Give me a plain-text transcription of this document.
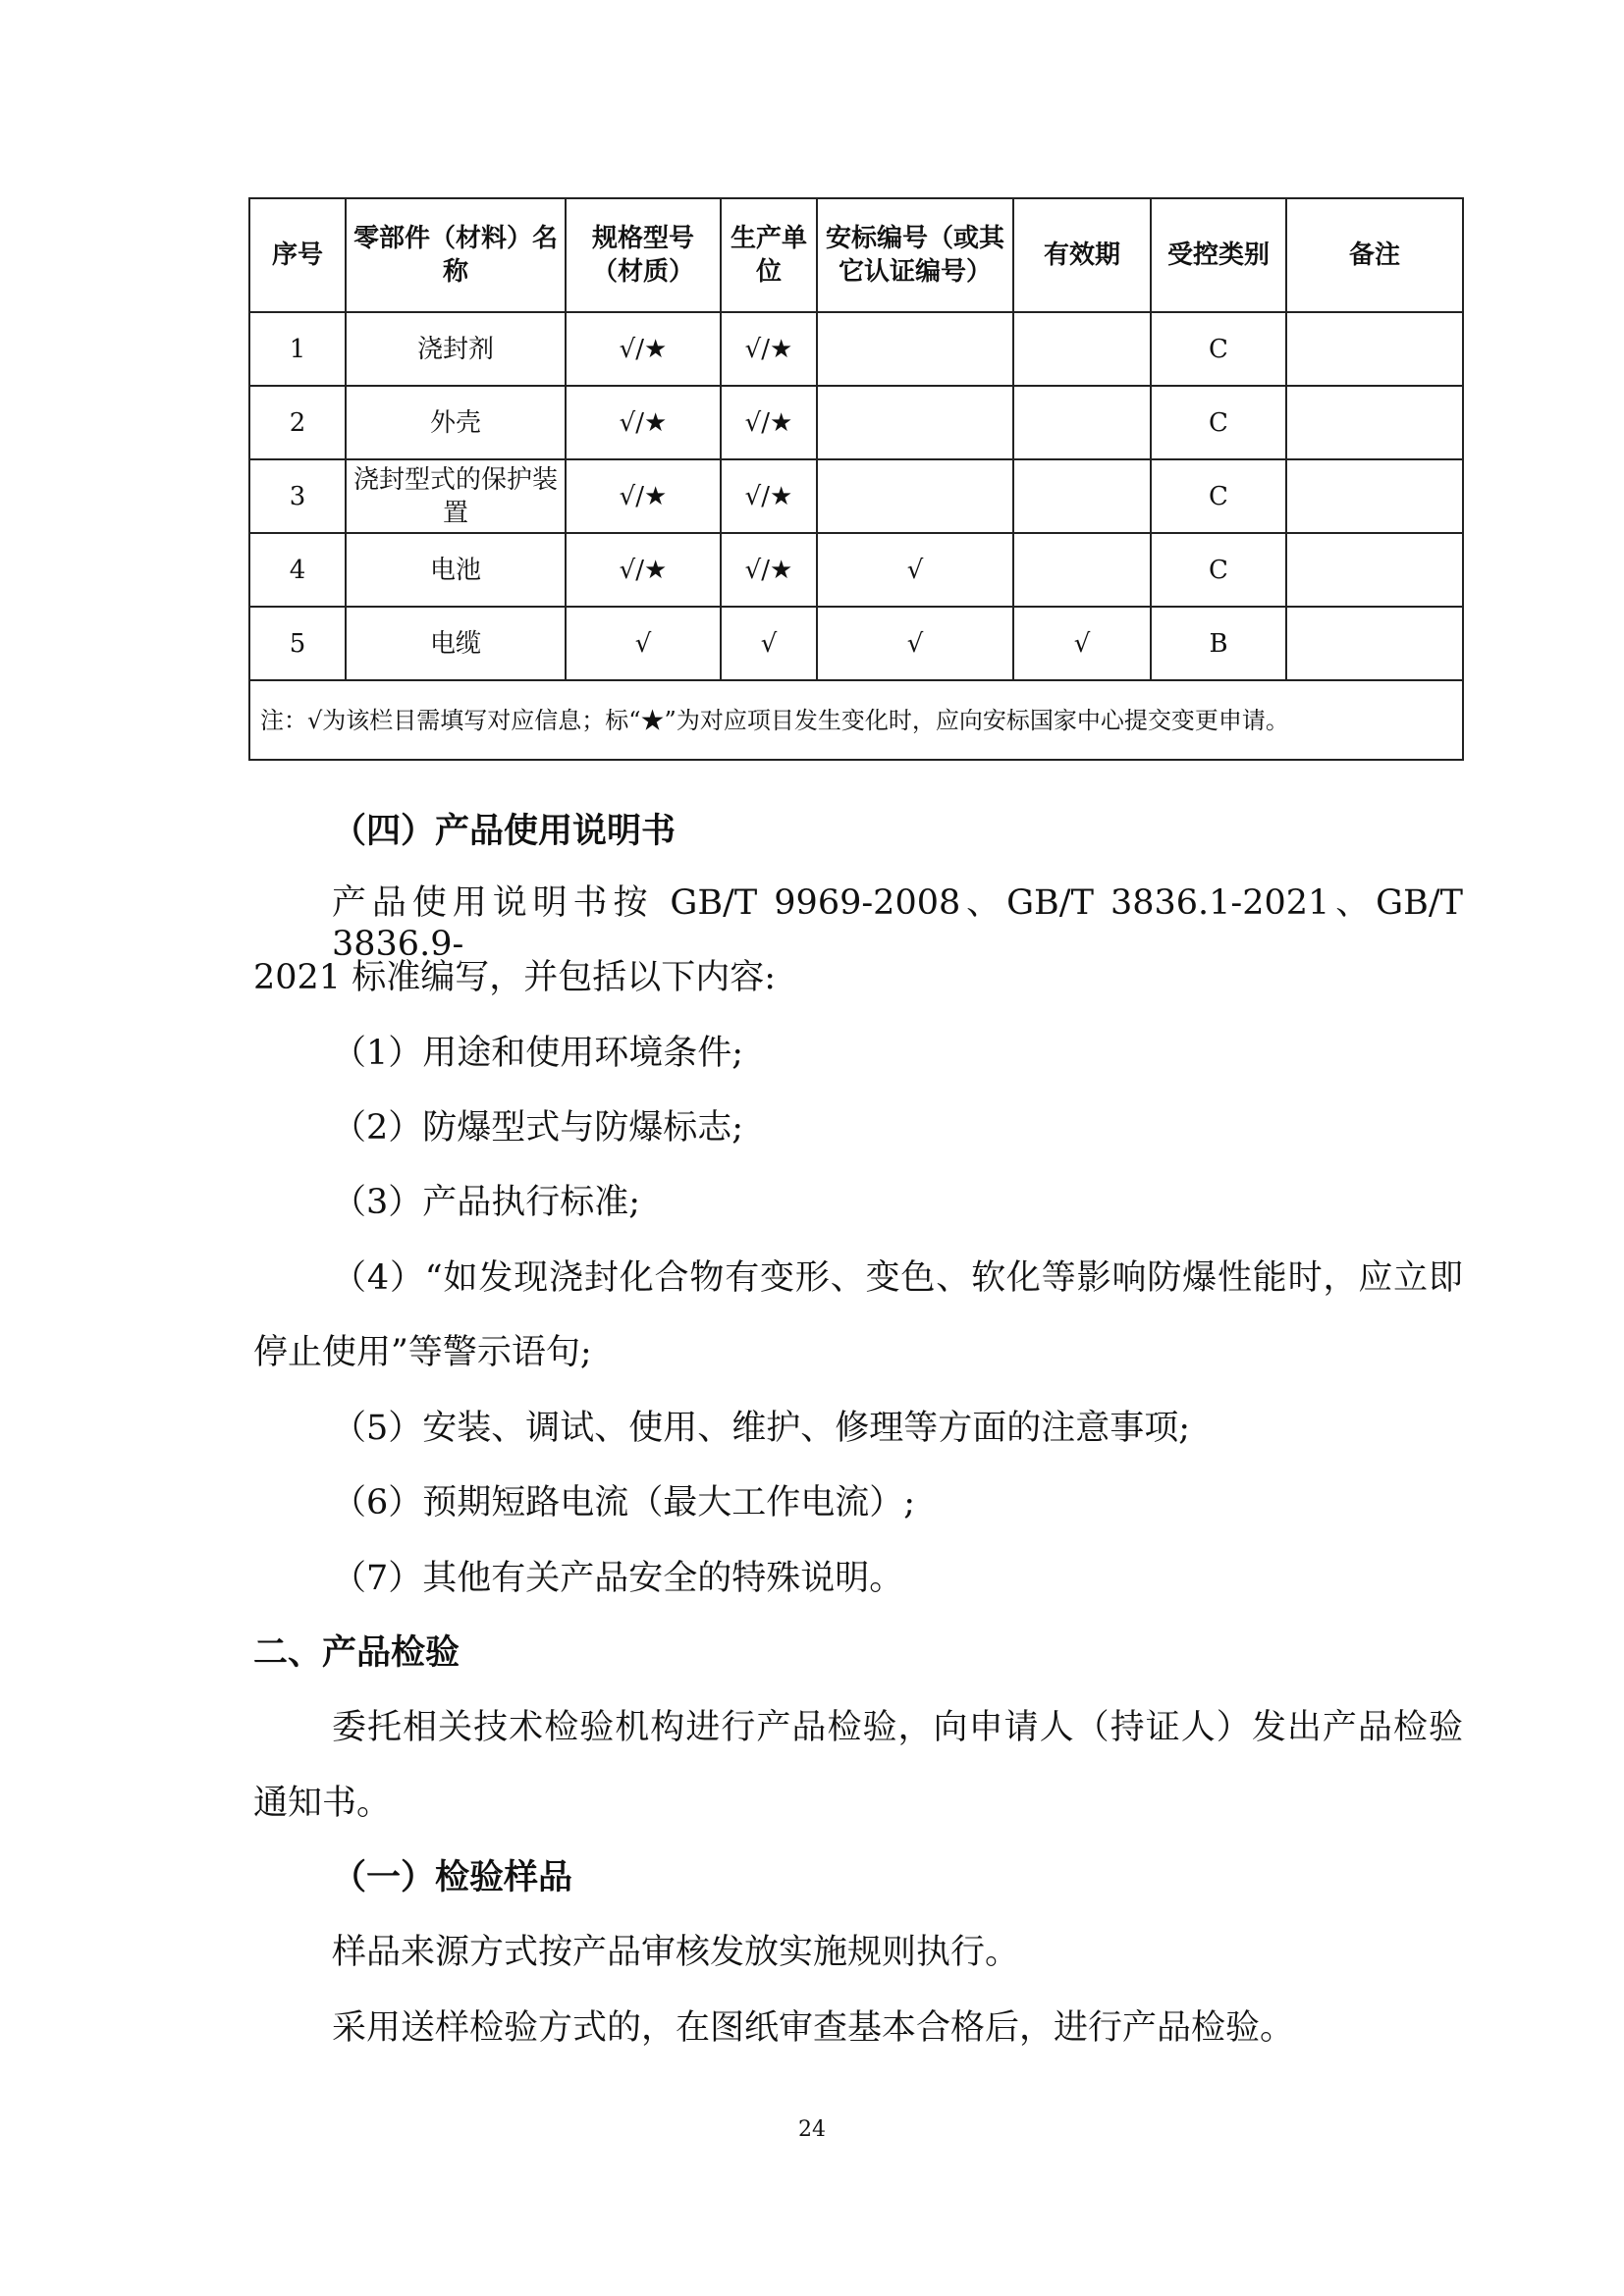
序号	零部件（材料）名称	规格型号（材质）	生产单位	安标编号（或其它认证编号）	有效期	受控类别	备注
1	浇封剂	√/★	√/★			C	
2	外壳	√/★	√/★			C	
3	浇封型式的保护装置	√/★	√/★			C	
4	电池	√/★	√/★	√		C	
5	电缆	√	√	√	√	B	
注：√为该栏目需填写对应信息；标“★”为对应项目发生变化时，应向安标国家中心提交变更申请。							

（四）产品使用说明书

产品使用说明书按 GB/T 9969-2008、GB/T 3836.1-2021、GB/T 3836.9-

2021 标准编写，并包括以下内容:

（1）用途和使用环境条件;

（2）防爆型式与防爆标志;

（3）产品执行标准;

（4）“如发现浇封化合物有变形、变色、软化等影响防爆性能时，应立即

停止使用”等警示语句;

（5）安装、调试、使用、维护、修理等方面的注意事项;

（6）预期短路电流（最大工作电流）;

（7）其他有关产品安全的特殊说明。

二、产品检验

委托相关技术检验机构进行产品检验，向申请人（持证人）发出产品检验

通知书。

（一）检验样品

样品来源方式按产品审核发放实施规则执行。

采用送样检验方式的，在图纸审查基本合格后，进行产品检验。

24
